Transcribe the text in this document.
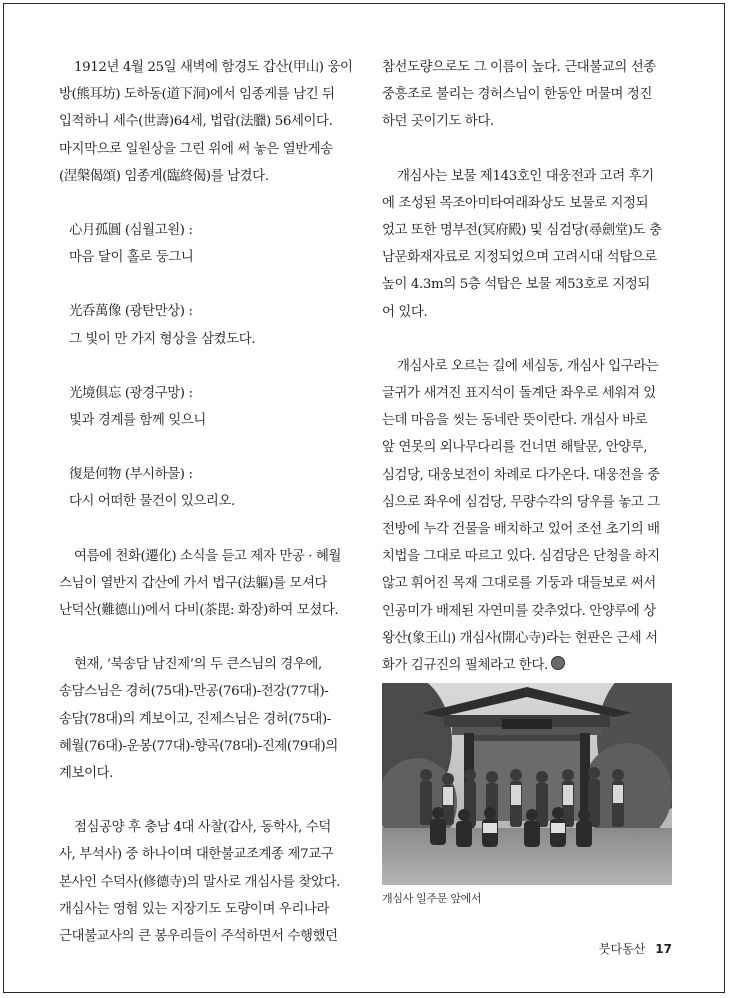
1912년 4월 25일 새벽에 함경도 갑산(甲山) 웅이
방(熊耳坊) 도하동(道下洞)에서 임종게를 남긴 뒤
입적하니 세수(世壽)64세, 법랍(法臘) 56세이다.
마지막으로 일원상을 그린 위에 써 놓은 열반게송
(涅槃偈頌) 임종게(臨終偈)를 남겼다.

心月孤圓 (심월고원) :

마음 달이 홀로 둥그니

光呑萬像 (광탄만상) :

그 빛이 만 가지 형상을 삼켰도다.

光境俱忘 (광경구망) :

빛과 경계를 함께 잊으니

復是何物 (부시하물) :

다시 어떠한 물건이 있으리오.

여름에 천화(遷化) 소식을 듣고 제자 만공 · 혜월
스님이 열반지 갑산에 가서 법구(法軀)를 모셔다
난덕산(難德山)에서 다비(茶毘: 화장)하여 모셨다.

현재, ‘북송담 남진제’의 두 큰스님의 경우에,
송담스님은 경허(75대)-만공(76대)-전강(77대)-
송담(78대)의 계보이고, 진제스님은 경허(75대)-
혜월(76대)-운봉(77대)-향곡(78대)-진제(79대)의
계보이다.

점심공양 후 충남 4대 사찰(갑사, 동학사, 수덕
사, 부석사) 중 하나이며 대한불교조계종 제7교구
본사인 수덕사(修德寺)의 말사로 개심사를 찾았다.
개심사는 영험 있는 지장기도 도량이며 우리나라
근대불교사의 큰 봉우리들이 주석하면서 수행했던

참선도량으로도 그 이름이 높다. 근대불교의 선종
중흥조로 불리는 경허스님이 한동안 머물며 정진
하던 곳이기도 하다.

개심사는 보물 제143호인 대웅전과 고려 후기
에 조성된 목조아미타여래좌상도 보물로 지정되
었고 또한 명부전(冥府殿) 및 심검당(尋劍堂)도 충
남문화재자료로 지정되었으며 고려시대 석탑으로
높이 4.3m의 5층 석탑은 보물 제53호로 지정되
어 있다.

개심사로 오르는 길에 세심동, 개심사 입구라는
글귀가 새겨진 표지석이 돌계단 좌우로 세워져 있
는데 마음을 씻는 동네란 뜻이란다. 개심사 바로
앞 연못의 외나무다리를 건너면 해탈문, 안양루,
심검당, 대웅보전이 차례로 다가온다. 대웅전을 중
심으로 좌우에 심검당, 무량수각의 당우를 놓고 그
전방에 누각 건물을 배치하고 있어 조선 초기의 배
치법을 그대로 따르고 있다. 심검당은 단청을 하지
않고 휘어진 목재 그대로를 기둥과 대들보로 써서
인공미가 배제된 자연미를 갖추었다. 안양루에 상
왕산(象王山) 개심사(開心寺)라는 현판은 근세 서
화가 김규진의 필체라고 한다.

개심사 일주문 앞에서
붓다동산 17
